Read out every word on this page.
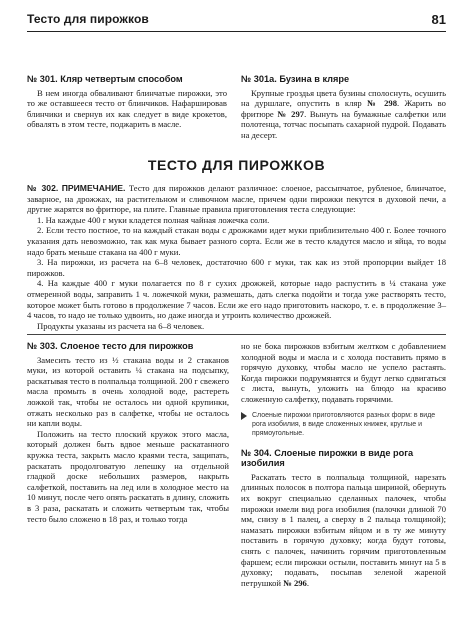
Тесто для пирожков	81
№ 301. Кляр четвертым способом

В нем иногда обваливают блинчатые пирожки, это то же оставшееся тесто от блинчиков. Нафаршировав блинчики и свернув их как следует в виде крокетов, обвалять в этом тесте, поджарить в масле.

№ 301а. Бузина в кляре

Крупные гроздья цвета бузины сполоснуть, осушить на дуршлаге, опустить в кляр № 298. Жарить во фритюре № 297. Вынуть на бумажные салфетки или полотенца, тотчас посыпать сахарной пудрой. Подавать на десерт.

ТЕСТО ДЛЯ ПИРОЖКОВ

№ 302. ПРИМЕЧАНИЕ. Тесто для пирожков делают различное: слоеное, рассыпчатое, рубленое, блинчатое, заварное, на дрожжах, на растительном и сливочном масле, причем одни пирожки пекутся в духовой печи, а другие жарятся во фритюре, на плите. Главные правила приготовления теста следующие:

1. На каждые 400 г муки кладется полная чайная ложечка соли.

2. Если тесто постное, то на каждый стакан воды с дрожжами идет муки приблизительно 400 г. Более точного указания дать невозможно, так как мука бывает разного сорта. Если же в тесто кладутся масло и яйца, то воды надо брать меньше стакана на 400 г муки.

3. На пирожки, из расчета на 6–8 человек, достаточно 600 г муки, так как из этой пропорции выйдет 18 пирожков.

4. На каждые 400 г муки полагается по 8 г сухих дрожжей, которые надо распустить в ¼ стакана уже отмеренной воды, заправить 1 ч. ложечкой муки, размешать, дать слегка подойти и тогда уже растворять тесто, которое может быть готово в продолжение 7 часов. Если же его надо приготовить наскоро, т. е. в продолжение 3–4 часов, то надо не только удвоить, но даже иногда и утроить количество дрожжей.

Продукты указаны из расчета на 6–8 человек.

№ 303. Слоеное тесто для пирожков

Замесить тесто из ½ стакана воды и 2 стаканов муки, из которой оставить ¼ стакана на подсыпку, раскатывая тесто в полпальца толщиной. 200 г свежего масла промыть в очень холодной воде, растереть ложкой так, чтобы не осталось ни одной крупинки, отжать несколько раз в салфетке, чтобы не осталось ни капли воды.

Положить на тесто плоский кружок этого масла, который должен быть вдвое меньше раскатанного кружка теста, закрыть масло краями теста, защипать, раскатать продолговатую лепешку на отдельной гладкой доске небольших размеров, накрыть салфеткой, поставить на лед или в холодное место на 10 минут, после чего опять раскатать в длину, сложить в 3 раза, раскатать и сложить четвертым так, чтобы тесто было сложено в 18 раз, и только тогда

но не бока пирожков взбитым желтком с добавлением холодной воды и масла и с холода поставить прямо в горячую духовку, чтобы масло не успело растаять. Когда пирожки подрумянятся и будут легко сдвигаться с листа, вынуть, уложить на блюдо на красиво сложенную салфетку, подавать горячими.

Слоеные пирожки приготовляются разных форм: в виде рога изобилия, в виде сложенных книжек, круглые и прямоугольные.
№ 304. Слоеные пирожки в виде рога изобилия

Раскатать тесто в полпальца толщиной, нарезать длинных полосок в полтора пальца шириной, обернуть их вокруг специально сделанных палочек, чтобы пирожки имели вид рога изобилия (палочки длиной 70 мм, снизу в 1 палец, а сверху в 2 пальца толщиной); намазать пирожки взбитым яйцом и в ту же минуту поставить в горячую духовку; когда будут готовы, снять с палочек, начинить горячим приготовленным фаршем; если пирожки остыли, поставить минут на 5 в духовку; подавать, посыпав зеленой жареной петрушкой № 296.
